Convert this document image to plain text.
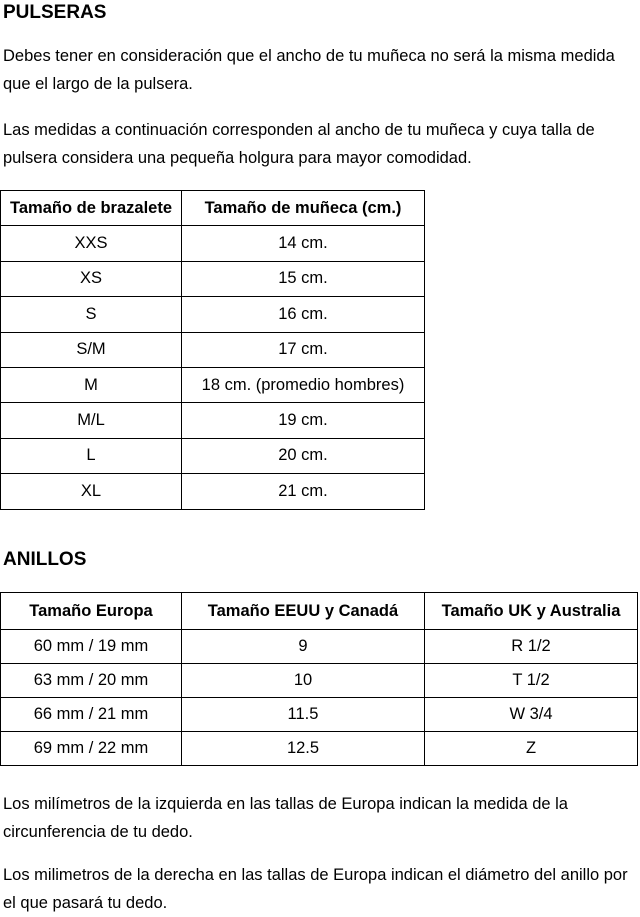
PULSERAS
Debes tener en consideración que el ancho de tu muñeca no será la misma medida que el largo de la pulsera.
Las medidas a continuación corresponden al ancho de tu muñeca y cuya talla de pulsera considera una pequeña holgura para mayor comodidad.
Tamaño de brazalete	Tamaño de muñeca (cm.)
XXS	14 cm.
XS	15 cm.
S	16 cm.
S/M	17 cm.
M	18 cm. (promedio hombres)
M/L	19 cm.
L	20 cm.
XL	21 cm.
ANILLOS
Tamaño Europa	Tamaño EEUU y Canadá	Tamaño UK y Australia
60 mm / 19 mm	9	R 1/2
63 mm / 20 mm	10	T 1/2
66 mm / 21 mm	11.5	W 3/4
69 mm / 22 mm	12.5	Z
Los milímetros de la izquierda en las tallas de Europa indican la medida de la circunferencia de tu dedo.
Los milimetros de la derecha en las tallas de Europa indican el diámetro del anillo por el que pasará tu dedo.
